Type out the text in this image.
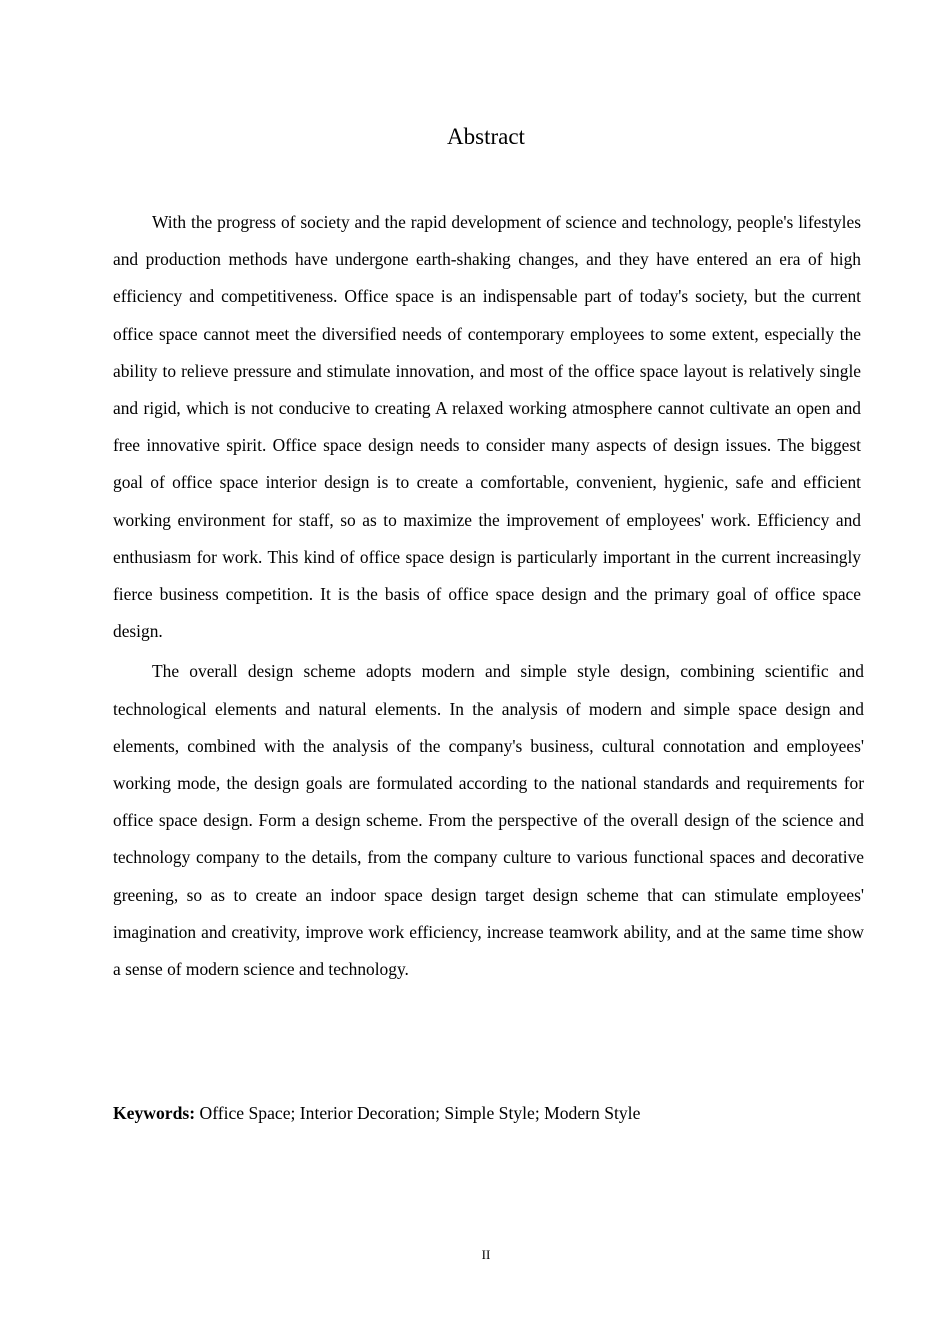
Abstract

With the progress of society and the rapid development of science and technology, people's lifestyles and production methods have undergone earth-shaking changes, and they have entered an era of high efficiency and competitiveness. Office space is an indispensable part of today's society, but the current office space cannot meet the diversified needs of contemporary employees to some extent, especially the ability to relieve pressure and stimulate innovation, and most of the office space layout is relatively single and rigid, which is not conducive to creating A relaxed working atmosphere cannot cultivate an open and free innovative spirit. Office space design needs to consider many aspects of design issues. The biggest goal of office space interior design is to create a comfortable, convenient, hygienic, safe and efficient working environment for staff, so as to maximize the improvement of employees' work. Efficiency and enthusiasm for work. This kind of office space design is particularly important in the current increasingly fierce business competition. It is the basis of office space design and the primary goal of office space design.

The overall design scheme adopts modern and simple style design, combining scientific and technological elements and natural elements. In the analysis of modern and simple space design and elements, combined with the analysis of the company's business, cultural connotation and employees' working mode, the design goals are formulated according to the national standards and requirements for office space design. Form a design scheme. From the perspective of the overall design of the science and technology company to the details, from the company culture to various functional spaces and decorative greening, so as to create an indoor space design target design scheme that can stimulate employees' imagination and creativity, improve work efficiency, increase teamwork ability, and at the same time show a sense of modern science and technology.

Keywords: Office Space; Interior Decoration; Simple Style; Modern Style

II
